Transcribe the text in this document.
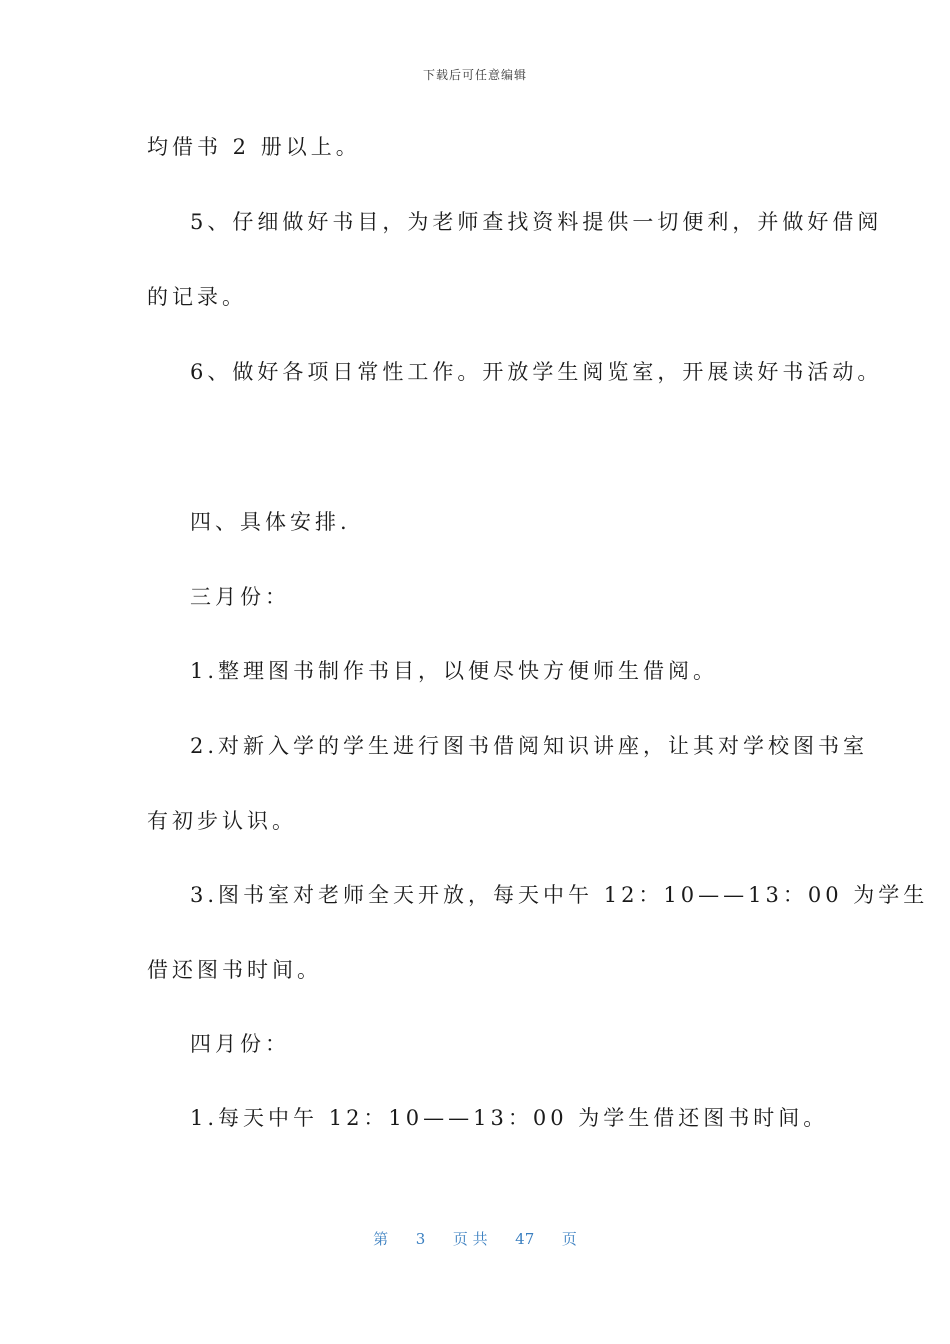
下载后可任意编辑
均借书 2 册以上。
5、仔细做好书目，为老师查找资料提供一切便利，并做好借阅
的记录。
6、做好各项日常性工作。开放学生阅览室，开展读好书活动。
四、具体安排.
三月份：
1.整理图书制作书目，以便尽快方便师生借阅。
2.对新入学的学生进行图书借阅知识讲座，让其对学校图书室
有初步认识。
3.图书室对老师全天开放，每天中午 12：10——13：00 为学生
借还图书时间。
四月份：
1.每天中午 12：10——13：00 为学生借还图书时间。
第 3 页 共 47 页
